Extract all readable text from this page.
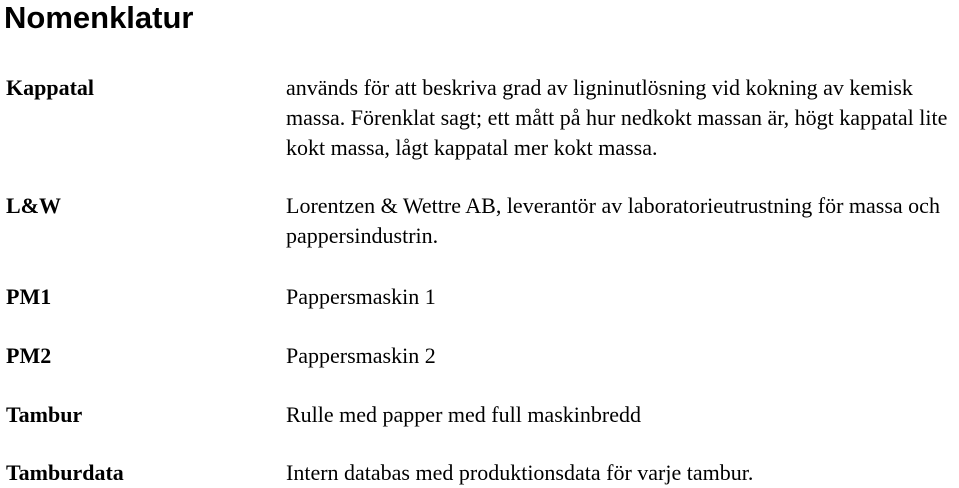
Nomenklatur
Kappatal	används för att beskriva grad av ligninutlösning vid kokning av kemisk massa. Förenklat sagt; ett mått på hur nedkokt massan är, högt kappatal lite kokt massa, lågt kappatal mer kokt massa.
L&W	Lorentzen & Wettre AB, leverantör av laboratorieutrustning för massa och pappersindustrin.
PM1	Pappersmaskin 1
PM2	Pappersmaskin 2
Tambur	Rulle med papper med full maskinbredd
Tamburdata	Intern databas med produktionsdata för varje tambur.
